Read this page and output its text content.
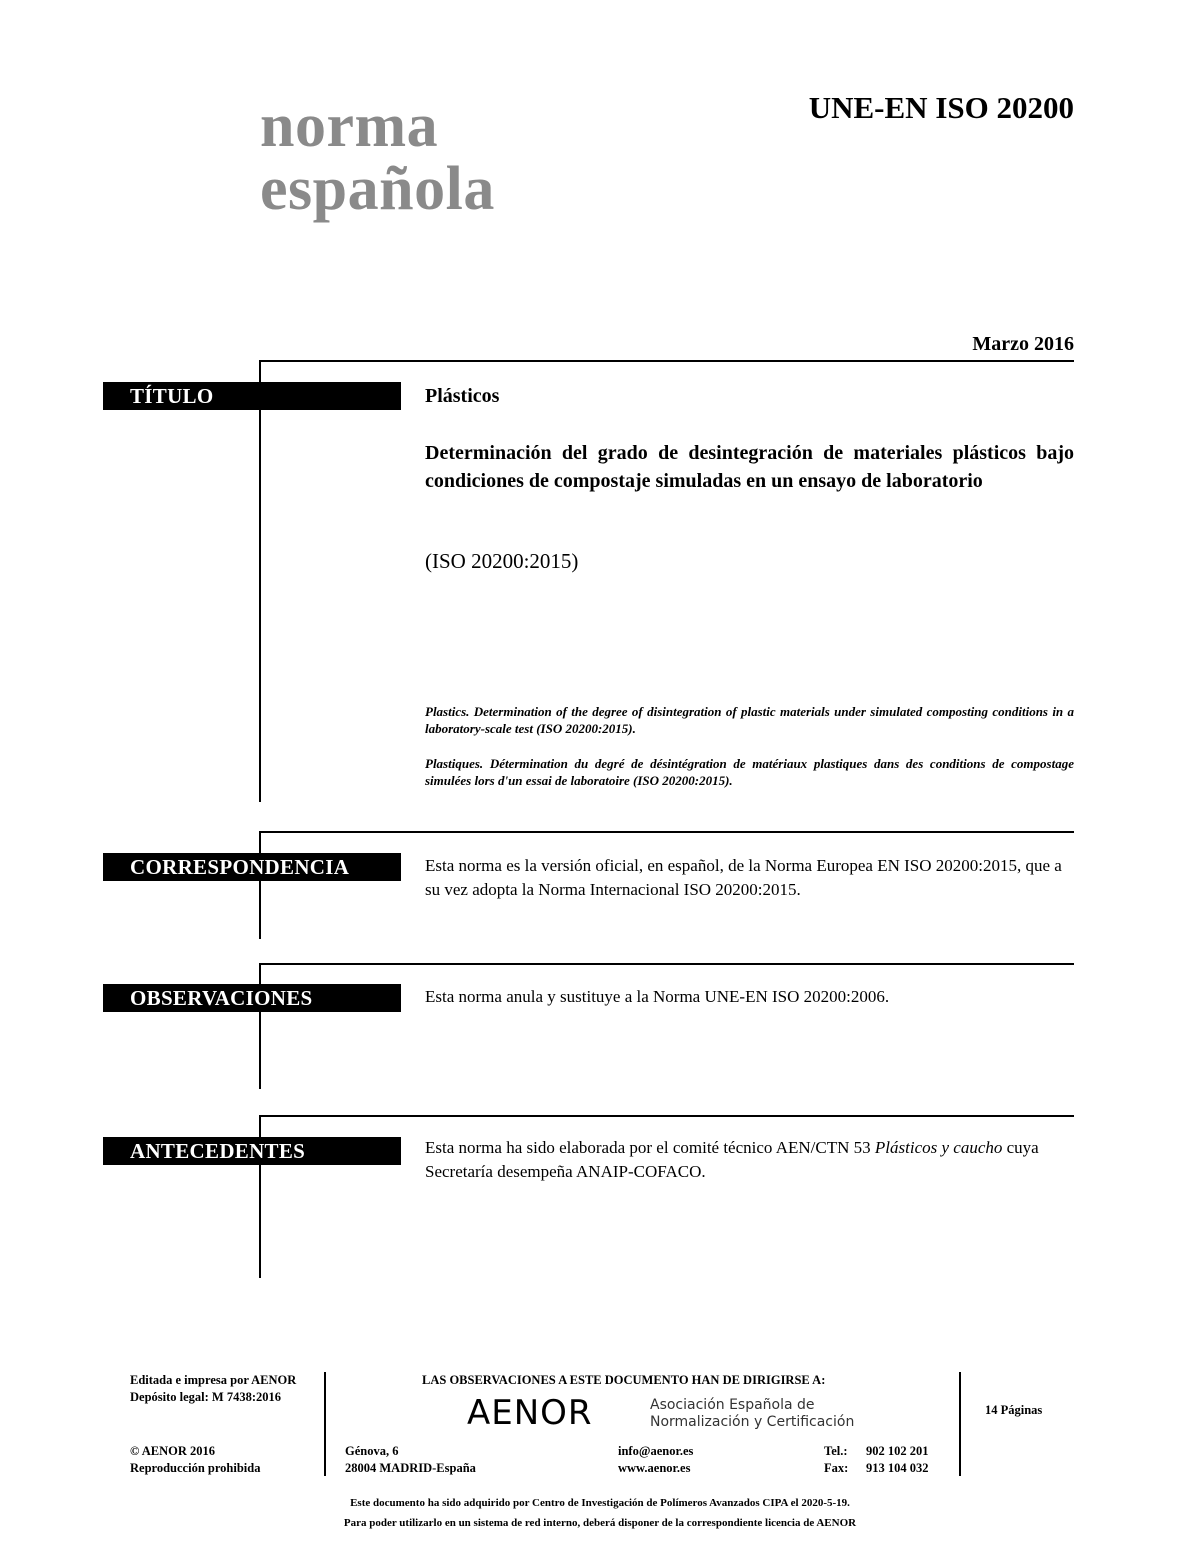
norma
española
UNE-EN ISO 20200
Marzo 2016
TÍTULO	Plásticos
Determinación del grado de desintegración de materiales plásticos bajo condiciones de compostaje simuladas en un ensayo de laboratorio
(ISO 20200:2015)
Plastics. Determination of the degree of disintegration of plastic materials under simulated composting conditions in a laboratory-scale test (ISO 20200:2015).
Plastiques. Détermination du degré de désintégration de matériaux plastiques dans des conditions de compostage simulées lors d'un essai de laboratoire (ISO 20200:2015).
CORRESPONDENCIA	Esta norma es la versión oficial, en español, de la Norma Europea EN ISO 20200:2015, que a su vez adopta la Norma Internacional ISO 20200:2015.
OBSERVACIONES	Esta norma anula y sustituye a la Norma UNE-EN ISO 20200:2006.
ANTECEDENTES	Esta norma ha sido elaborada por el comité técnico AEN/CTN 53 Plásticos y caucho cuya Secretaría desempeña ANAIP-COFACO.
Editada e impresa por AENOR
Depósito legal: M 7438:2016
© AENOR 2016
Reproducción prohibida
LAS OBSERVACIONES A ESTE DOCUMENTO HAN DE DIRIGIRSE A:
AENOR	Asociación Española de
Normalización y Certificación
Génova, 6
28004 MADRID-España
info@aenor.es
www.aenor.es
Tel.: 902 102 201
Fax: 913 104 032
14 Páginas
Este documento ha sido adquirido por Centro de Investigación de Polímeros Avanzados CIPA el 2020-5-19.
Para poder utilizarlo en un sistema de red interno, deberá disponer de la correspondiente licencia de AENOR
